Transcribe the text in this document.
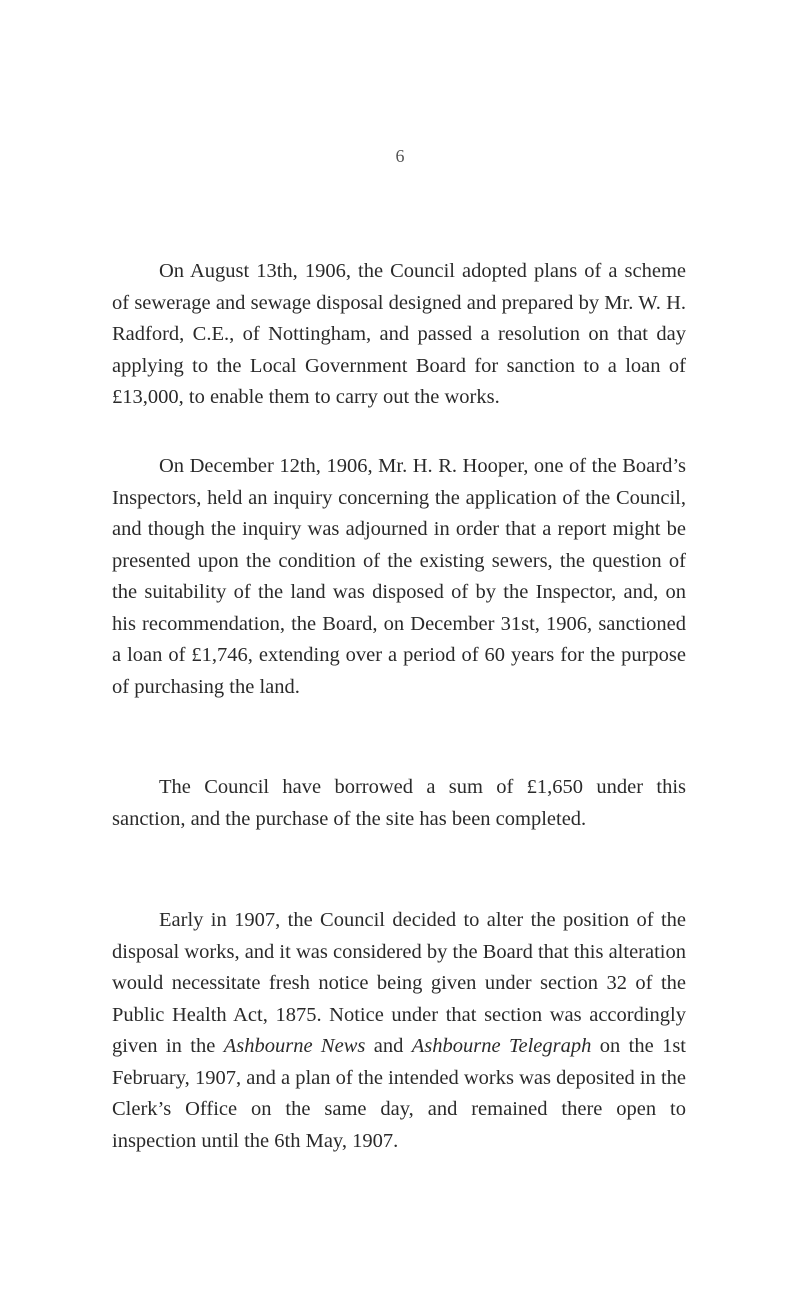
6

On August 13th, 1906, the Council adopted plans of a scheme of sewerage and sewage disposal designed and prepared by Mr. W. H. Radford, C.E., of Nottingham, and passed a resolution on that day applying to the Local Government Board for sanction to a loan of £13,000, to enable them to carry out the works.

On December 12th, 1906, Mr. H. R. Hooper, one of the Board’s Inspectors, held an inquiry concerning the application of the Council, and though the inquiry was adjourned in order that a report might be presented upon the condition of the existing sewers, the question of the suitability of the land was disposed of by the Inspector, and, on his recommendation, the Board, on December 31st, 1906, sanctioned a loan of £1,746, extending over a period of 60 years for the purpose of purchasing the land.

The Council have borrowed a sum of £1,650 under this sanction, and the purchase of the site has been completed.

Early in 1907, the Council decided to alter the position of the disposal works, and it was considered by the Board that this alteration would necessitate fresh notice being given under section 32 of the Public Health Act, 1875. Notice under that section was accordingly given in the Ashbourne News and Ashbourne Telegraph on the 1st February, 1907, and a plan of the intended works was deposited in the Clerk’s Office on the same day, and remained there open to inspection until the 6th May, 1907.
